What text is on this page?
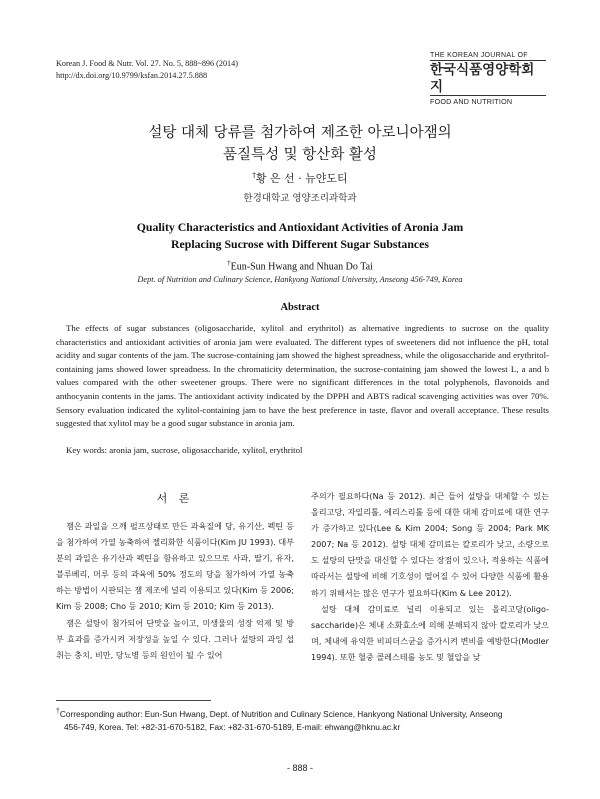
Korean J. Food & Nutr. Vol. 27. No. 5, 888~896 (2014)
http://dx.doi.org/10.9799/ksfan.2014.27.5.888
THE KOREAN JOURNAL OF
한국식품영양학회지
FOOD AND NUTRITION
설탕 대체 당류를 첨가하여 제조한 아로니아잼의
품질특성 및 항산화 활성
†황 은 선 · 뉴얀도티
한경대학교 영양조리과학과
Quality Characteristics and Antioxidant Activities of Aronia Jam
Replacing Sucrose with Different Sugar Substances
†Eun-Sun Hwang and Nhuan Do Tai
Dept. of Nutrition and Culinary Science, Hankyong National University, Anseong 456-749, Korea
Abstract

The effects of sugar substances (oligosaccharide, xylitol and erythritol) as alternative ingredients to sucrose on the quality characteristics and antioxidant activities of aronia jam were evaluated. The different types of sweeteners did not influence the pH, total acidity and sugar contents of the jam. The sucrose-containing jam showed the highest spreadness, while the oligosaccharide and erythritol-containing jams showed lower spreadness. In the chromaticity determination, the sucrose-containing jam showed the lowest L, a and b values compared with the other sweetener groups. There were no significant differences in the total polyphenols, flavonoids and anthocyanin contents in the jams. The antioxidant activity indicated by the DPPH and ABTS radical scavenging activities was over 70%. Sensory evaluation indicated the xylitol-containing jam to have the best preference in taste, flavor and overall acceptance. These results suggested that xylitol may be a good sugar substance in aronia jam.

Key words: aronia jam, sucrose, oligosaccharide, xylitol, erythritol
서 론

잼은 과일을 으깨 펄프상태로 만든 과육질에 당, 유기산, 펙틴 등을 첨가하여 가열 농축하여 젤리화한 식품이다(Kim JU 1993). 대부분의 과일은 유기산과 펙틴을 함유하고 있으므로 사과, 딸기, 유자, 블루베리, 머루 등의 과육에 50% 정도의 당을 첨가하여 가열 농축하는 방법이 시판되는 잼 제조에 널리 이용되고 있다(Kim 등 2006; Kim 등 2008; Cho 등 2010; Kim 등 2010; Kim 등 2013).

잼은 설탕이 첨가되어 단맛을 높이고, 미생물의 성장 억제 및 방부 효과를 증가시켜 저장성을 높일 수 있다. 그러나 설탕의 과잉 섭취는 충치, 비만, 당뇨병 등의 원인이 될 수 있어

주의가 필요하다(Na 등 2012). 최근 들어 설탕을 대체할 수 있는 올리고당, 자일리톨, 에리스리톨 등에 대한 대체 감미료에 대한 연구가 증가하고 있다(Lee & Kim 2004; Song 등 2004; Park MK 2007; Na 등 2012). 설탕 대체 감미료는 칼로리가 낮고, 소량으로도 설탕의 단맛을 대신할 수 있다는 장점이 있으나, 적용하는 식품에 따라서는 설탕에 비해 기호성이 떨어질 수 있어 다양한 식품에 활용하기 위해서는 많은 연구가 필요하다(Kim & Lee 2012).

설탕 대체 감미료로 널리 이용되고 있는 올리고당(oligo-saccharide)은 체내 소화효소에 의해 분해되지 않아 칼로리가 낮으며, 체내에 유익한 비피더스균을 증가시켜 변비를 예방한다(Modler 1994). 또한 혈중 콜레스테롤 농도 및 혈압을 낮

†Corresponding author: Eun-Sun Hwang, Dept. of Nutrition and Culinary Science, Hankyong National University, Anseong
456-749, Korea. Tel: +82-31-670-5182, Fax: +82-31-670-5189, E-mail: ehwang@hknu.ac.kr
- 888 -
